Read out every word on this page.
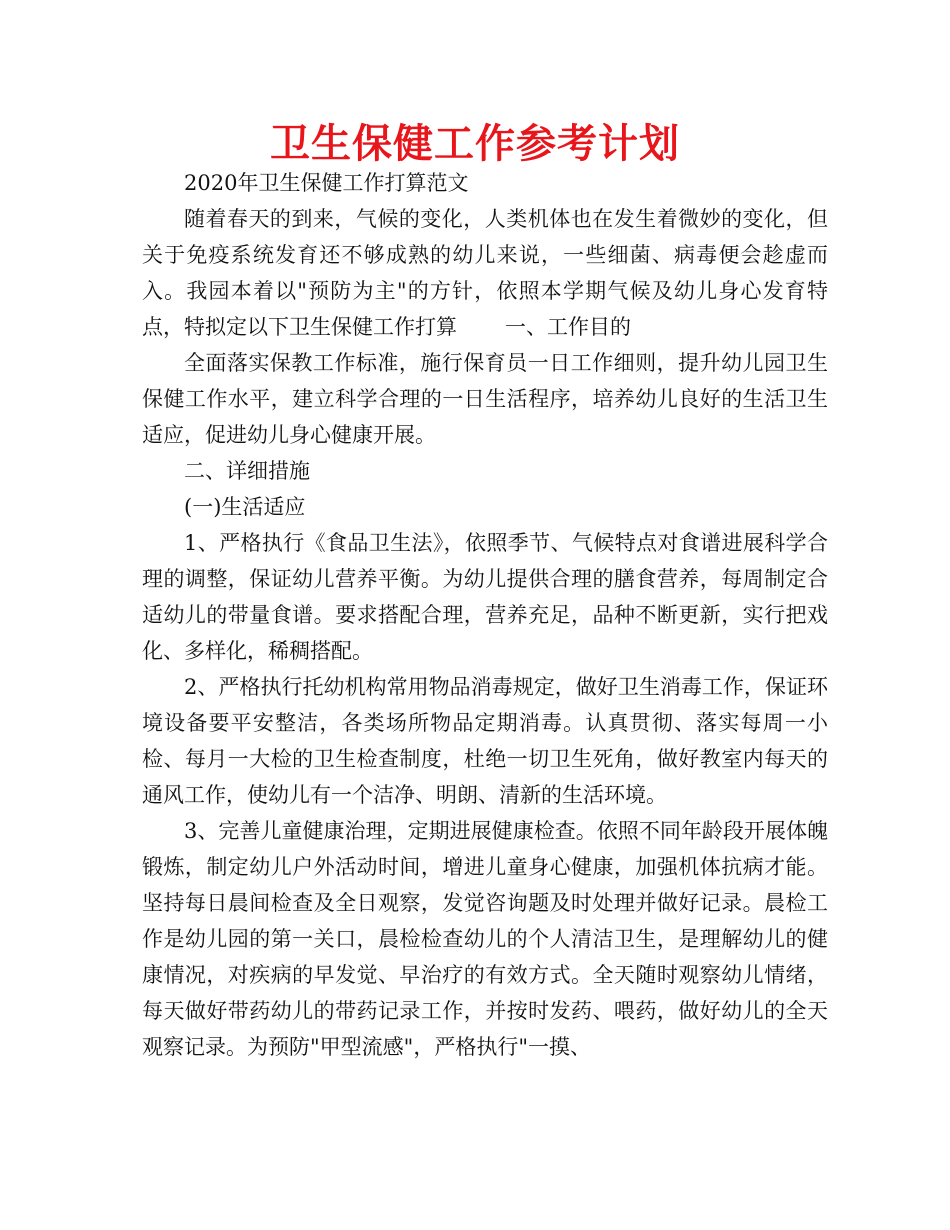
卫生保健工作参考计划

2020年卫生保健工作打算范文

随着春天的到来，气候的变化，人类机体也在发生着微妙的变化，但关于免疫系统发育还不够成熟的幼儿来说，一些细菌、病毒便会趁虚而入。我园本着以"预防为主"的方针，依照本学期气候及幼儿身心发育特点，特拟定以下卫生保健工作打算 一、工作目的

全面落实保教工作标准，施行保育员一日工作细则，提升幼儿园卫生保健工作水平，建立科学合理的一日生活程序，培养幼儿良好的生活卫生适应，促进幼儿身心健康开展。

二、详细措施

(一)生活适应

1、严格执行《食品卫生法》，依照季节、气候特点对食谱进展科学合理的调整，保证幼儿营养平衡。为幼儿提供合理的膳食营养，每周制定合适幼儿的带量食谱。要求搭配合理，营养充足，品种不断更新，实行把戏化、多样化，稀稠搭配。

2、严格执行托幼机构常用物品消毒规定，做好卫生消毒工作，保证环境设备要平安整洁，各类场所物品定期消毒。认真贯彻、落实每周一小检、每月一大检的卫生检查制度，杜绝一切卫生死角，做好教室内每天的通风工作，使幼儿有一个洁净、明朗、清新的生活环境。

3、完善儿童健康治理，定期进展健康检查。依照不同年龄段开展体魄锻炼，制定幼儿户外活动时间，增进儿童身心健康，加强机体抗病才能。坚持每日晨间检查及全日观察，发觉咨询题及时处理并做好记录。晨检工作是幼儿园的第一关口，晨检检查幼儿的个人清洁卫生，是理解幼儿的健康情况，对疾病的早发觉、早治疗的有效方式。全天随时观察幼儿情绪，每天做好带药幼儿的带药记录工作，并按时发药、喂药，做好幼儿的全天观察记录。为预防"甲型流感"，严格执行"一摸、
